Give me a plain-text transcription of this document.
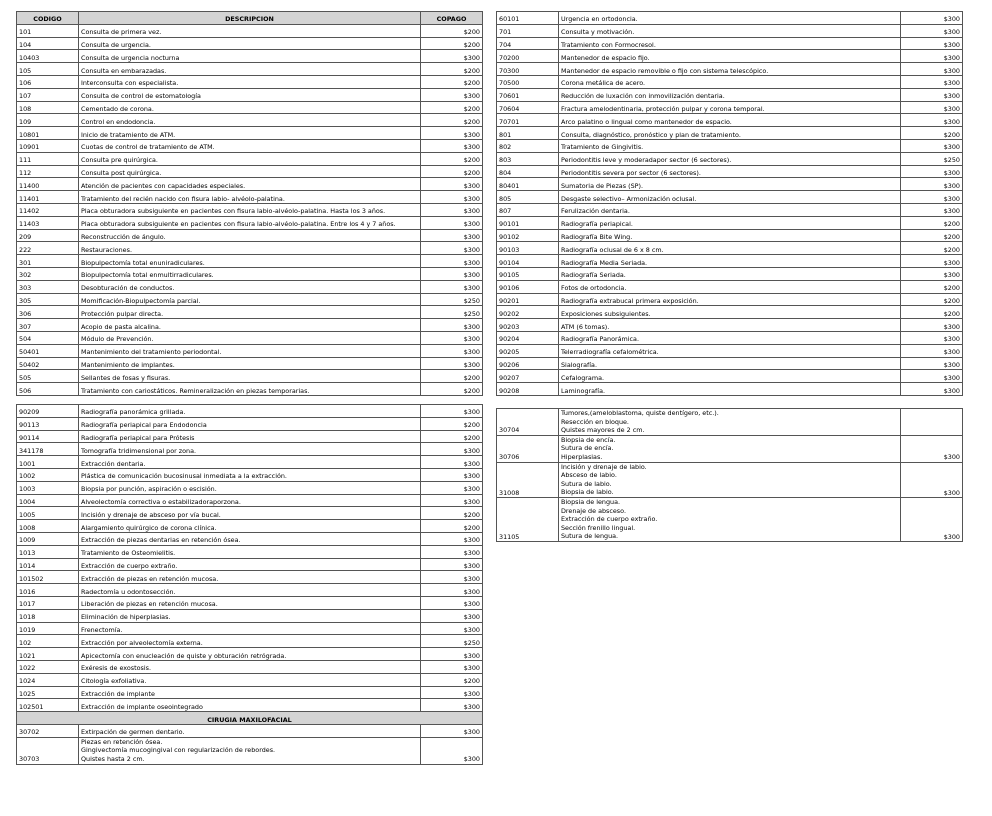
CODIGO	DESCRIPCION	COPAGO
101	Consulta de primera vez.	$200
104	Consulta de urgencia.	$200
10403	Consulta de urgencia nocturna	$300
105	Consulta en embarazadas.	$200
106	Interconsulta con especialista.	$200
107	Consulta de control de estomatología	$300
108	Cementado de corona.	$200
109	Control en endodoncia.	$200
10801	Inicio de tratamiento de ATM.	$300
10901	Cuotas de control de tratamiento de ATM.	$300
111	Consulta pre quirúrgica.	$200
112	Consulta post quirúrgica.	$200
11400	Atención de pacientes con capacidades especiales.	$300
11401	Tratamiento del recién nacido con fisura labio- alvéolo-palatina.	$300
11402	Placa obturadora subsiguiente en pacientes con fisura labio-alvéolo-palatina. Hasta los 3 años.	$300
11403	Placa obturadora subsiguiente en pacientes con fisura labio-alvéolo-palatina. Entre los 4 y 7 años.	$300
209	Reconstrucción de ángulo.	$300
222	Restauraciones.	$300
301	Biopulpectomía total enuniradiculares.	$300
302	Biopulpectomía total enmultirradiculares.	$300
303	Desobturación de conductos.	$300
305	Momificación-Biopulpectomía parcial.	$250
306	Protección pulpar directa.	$250
307	Acopio de pasta alcalina.	$300
504	Módulo de Prevención.	$300
50401	Mantenimiento del tratamiento periodontal.	$300
50402	Mantenimiento de implantes.	$300
505	Sellantes de fosas y fisuras.	$200
506	Tratamiento con cariostáticos. Remineralización en piezas temporarias.	$200
90209	Radiografía panorámica grillada.	$300
90113	Radiografía periapical para Endodoncia	$200
90114	Radiografía periapical para Prótesis	$200
341178	Tomografía tridimensional por zona.	$300
1001	Extracción dentaria.	$300
1002	Plástica de comunicación bucosinusal inmediata a la extracción.	$300
1003	Biopsia por punción, aspiración o escisión.	$300
1004	Alveolectomía correctiva o estabilizadoraporzona.	$300
1005	Incisión y drenaje de absceso por vía bucal.	$200
1008	Alargamiento quirúrgico de corona clínica.	$200
1009	Extracción de piezas dentarias en retención ósea.	$300
1013	Tratamiento de Osteomielitis.	$300
1014	Extracción de cuerpo extraño.	$300
101502	Extracción de piezas en retención mucosa.	$300
1016	Radectomía u odontosección.	$300
1017	Liberación de piezas en retención mucosa.	$300
1018	Eliminación de hiperplasias.	$300
1019	Frenectomía.	$300
102	Extracción por alveolectomía externa.	$250
1021	Apicectomía con enucleación de quiste y obturación retrógrada.	$300
1022	Exéresis de exostosis.	$300
1024	Citología exfoliativa.	$200
1025	Extracción de implante	$300
102501	Extracción de implante oseointegrado	$300
CIRUGIA MAXILOFACIAL		
30702	Extirpación de germen dentario.	$300
30703	Piezas en retención ósea.
Gingivectomía mucogingival con regularización de rebordes.
Quistes hasta 2 cm.	$300
60101	Urgencia en ortodoncia.	$300
701	Consulta y motivación.	$300
704	Tratamiento con Formocresol.	$300
70200	Mantenedor de espacio fijo.	$300
70300	Mantenedor de espacio removible o fijo con sistema telescópico.	$300
70500	Corona metálica de acero.	$300
70601	Reducción de luxación con inmovilización dentaria.	$300
70604	Fractura amelodentinaria, protección pulpar y corona temporal.	$300
70701	Arco palatino o lingual como mantenedor de espacio.	$300
801	Consulta, diagnóstico, pronóstico y plan de tratamiento.	$200
802	Tratamiento de Gingivitis.	$300
803	Periodontitis leve y moderadapor sector (6 sectores).	$250
804	Periodontitis severa por sector (6 sectores).	$300
80401	Sumatoria de Piezas (SP).	$300
805	Desgaste selectivo– Armonización oclusal.	$300
807	Ferulización dentaria.	$300
90101	Radiografía periapical.	$200
90102	Radiografía Bite Wing.	$200
90103	Radiografía oclusal de 6 x 8 cm.	$200
90104	Radiografía Media Seriada.	$300
90105	Radiografía Seriada.	$300
90106	Fotos de ortodoncia.	$200
90201	Radiografía extrabucal primera exposición.	$200
90202	Exposiciones subsiguientes.	$200
90203	ATM (6 tomas).	$300
90204	Radiografía Panorámica.	$300
90205	Telerradiografía cefalométrica.	$300
90206	Sialografía.	$300
90207	Cefalograma.	$300
90208	Laminografía.	$300
30704	Tumores,(ameloblastoma, quiste dentígero, etc.).
Resección en bloque.
Quistes mayores de 2 cm.	

30706	Biopsia de encía.
Sutura de encía.
Hiperplasias.	$300
31008	Incisión y drenaje de labio.
Absceso de labio.
Sutura de labio.
Biopsia de labio.	$300
31105	Biopsia de lengua.
Drenaje de absceso.
Extracción de cuerpo extraño.
Sección frenillo lingual.
Sutura de lengua.	$300
